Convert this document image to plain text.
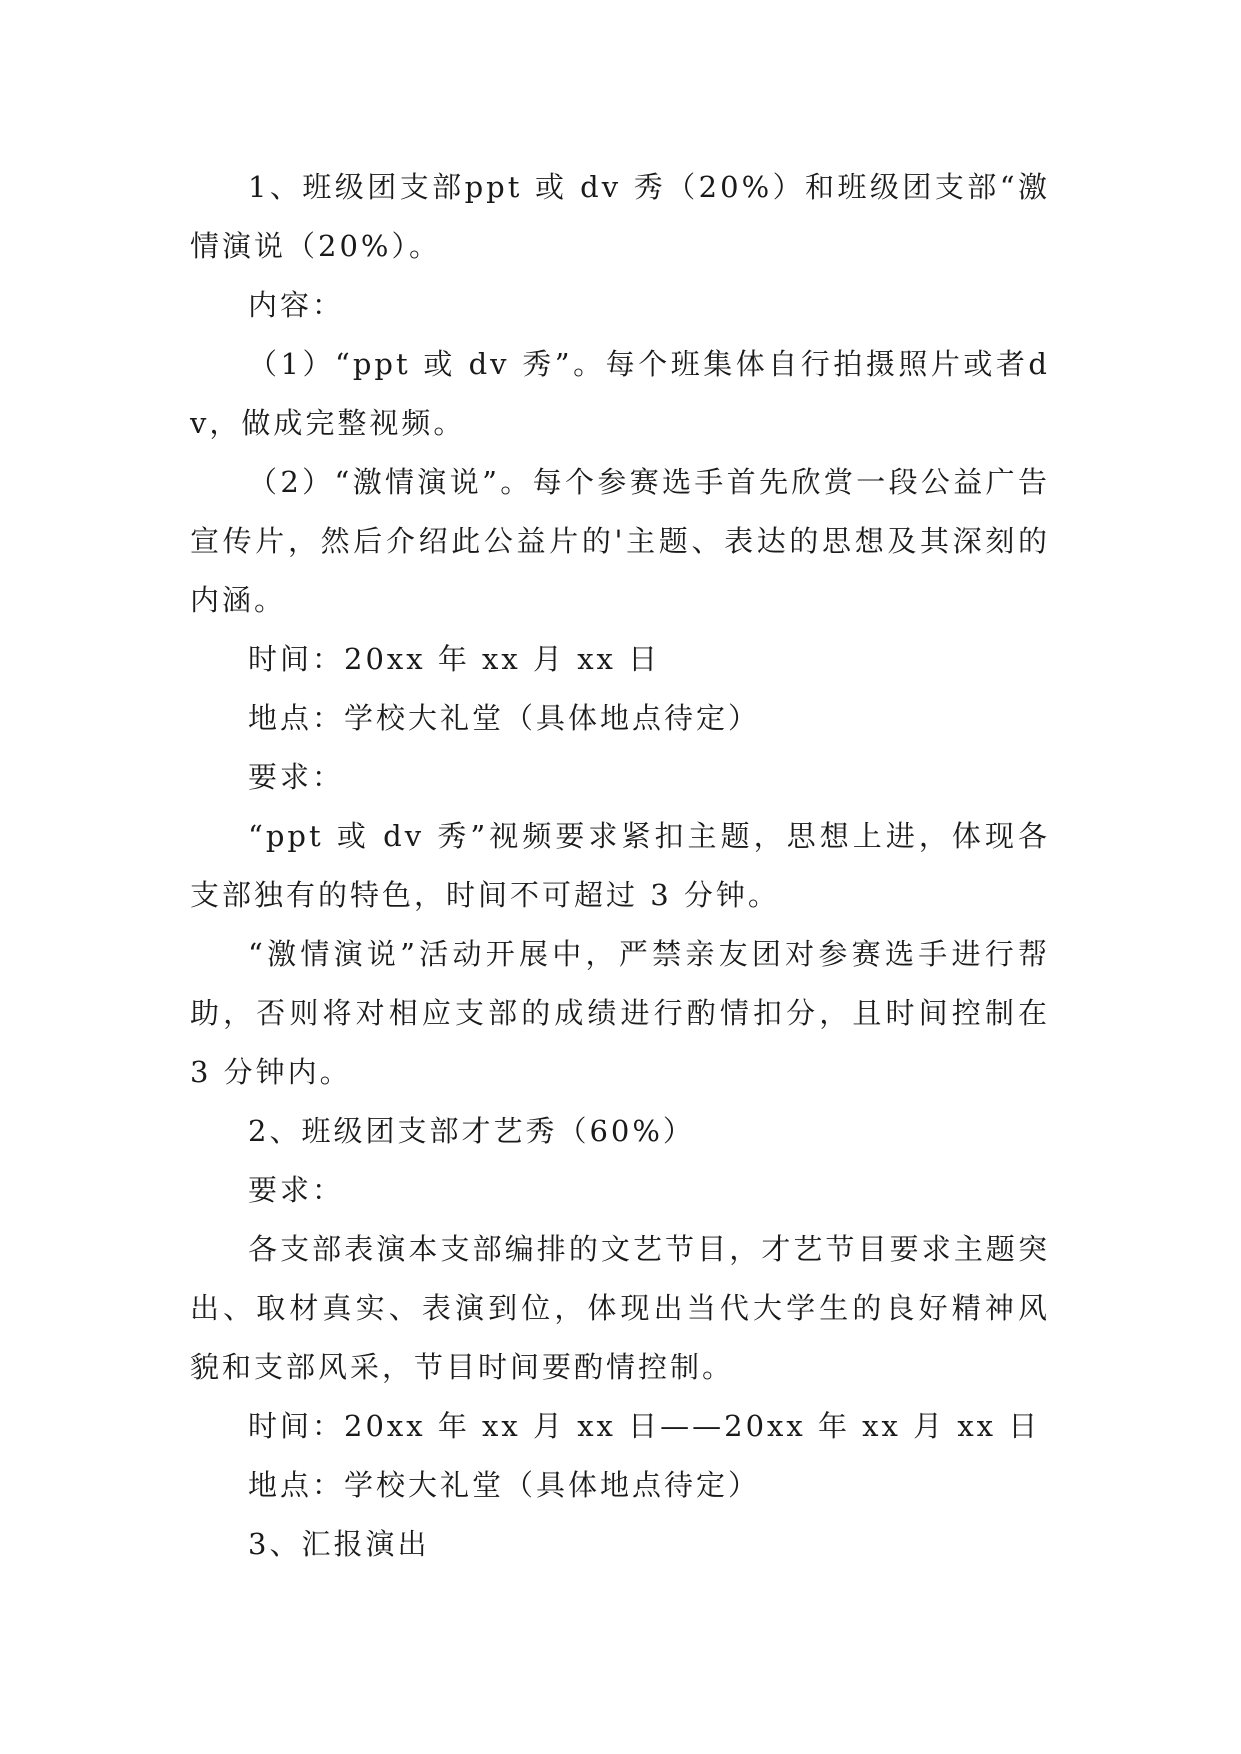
1、班级团支部ppt 或 dv 秀（20%）和班级团支部“激情演说（20%）。

内容：

（1）“ppt 或 dv 秀”。每个班集体自行拍摄照片或者dv，做成完整视频。

（2）“激情演说”。每个参赛选手首先欣赏一段公益广告宣传片，然后介绍此公益片的'主题、表达的思想及其深刻的内涵。

时间：20xx 年 xx 月 xx 日

地点：学校大礼堂（具体地点待定）

要求：

“ppt 或 dv 秀”视频要求紧扣主题，思想上进，体现各支部独有的特色，时间不可超过 3 分钟。

“激情演说”活动开展中，严禁亲友团对参赛选手进行帮助，否则将对相应支部的成绩进行酌情扣分，且时间控制在 3 分钟内。

2、班级团支部才艺秀（60%）

要求：

各支部表演本支部编排的文艺节目，才艺节目要求主题突出、取材真实、表演到位，体现出当代大学生的良好精神风貌和支部风采，节目时间要酌情控制。

时间：20xx 年 xx 月 xx 日——20xx 年 xx 月 xx 日

地点：学校大礼堂（具体地点待定）

3、汇报演出
